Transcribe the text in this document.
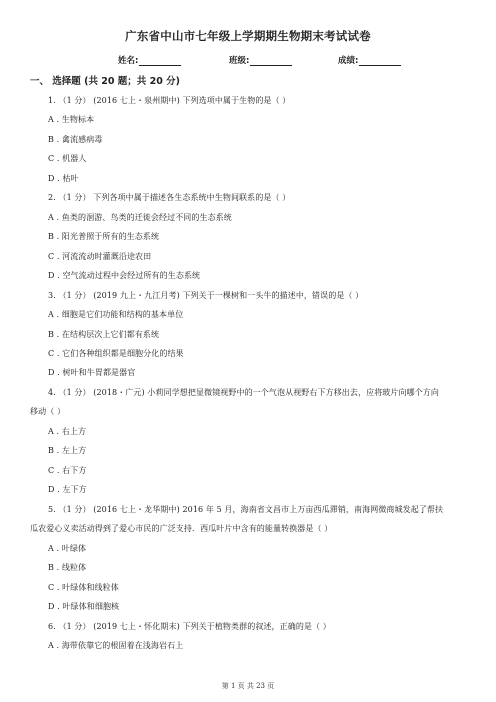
广东省中山市七年级上学期期生物期末考试试卷
姓名:	班级:	成绩:
一、 选择题 (共 20 题；共 20 分)
1. （1 分） (2016 七上・泉州期中) 下列选项中属于生物的是（ ）
A . 生物标本
B . 禽流感病毒
C . 机器人
D . 枯叶
2. （1 分） 下列各项中属于描述各生态系统中生物间联系的是（ ）
A . 鱼类的洄游、鸟类的迁徙会经过不同的生态系统
B . 阳光普照于所有的生态系统
C . 河流流动时灌溉沿途农田
D . 空气流动过程中会经过所有的生态系统
3. （1 分） (2019 九上・九江月考) 下列关于一棵树和一头牛的描述中，错误的是（ ）
A . 细胞是它们功能和结构的基本单位
B . 在结构层次上它们都有系统
C . 它们各种组织都是细胞分化的结果
D . 树叶和牛胃都是器官
4. （1 分） (2018・广元) 小莉同学想把显微镜视野中的一个气泡从视野右下方移出去，应将玻片向哪个方向
移动（ ）
A . 右上方
B . 左上方
C . 右下方
D . 左下方
5. （1 分） (2016 七上・龙华期中) 2016 年 5 月，海南省文昌市上万亩西瓜滞销，南海网微商城发起了帮扶
瓜农爱心义卖活动得到了爱心市民的广泛支持．西瓜叶片中含有的能量转换器是（ ）
A . 叶绿体
B . 线粒体
C . 叶绿体和线粒体
D . 叶绿体和细胞核
6. （1 分） (2019 七上・怀化期末) 下列关于植物类群的叙述，正确的是（ ）
A . 海带依靠它的根固着在浅海岩石上
第 1 页 共 23 页
